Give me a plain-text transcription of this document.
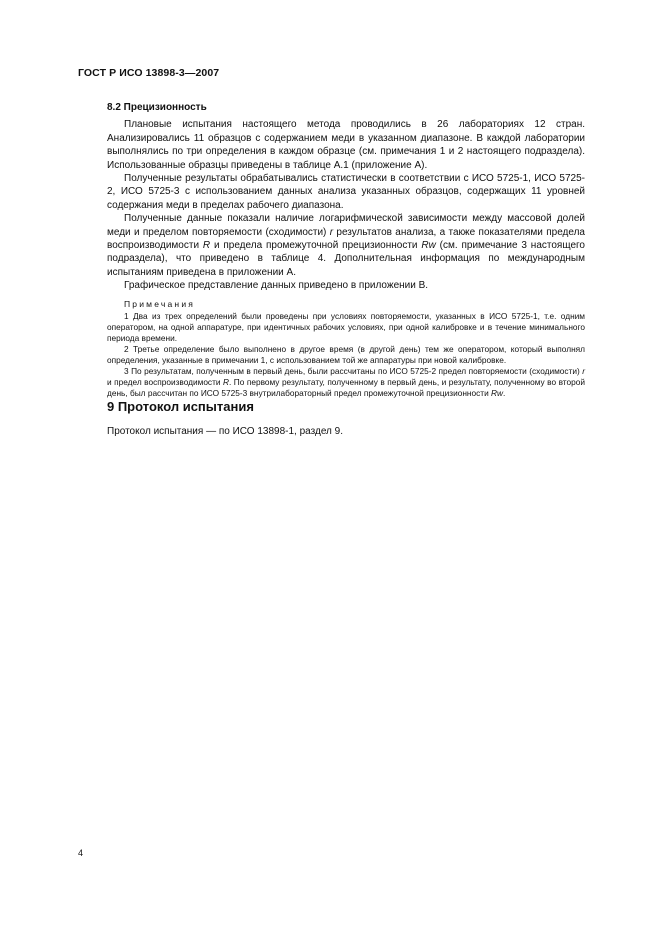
ГОСТ Р ИСО 13898-3—2007

8.2 Прецизионность

Плановые испытания настоящего метода проводились в 26 лабораториях 12 стран. Анализировались 11 образцов с содержанием меди в указанном диапазоне. В каждой лаборатории выполнялись по три определения в каждом образце (см. примечания 1 и 2 настоящего подраздела). Использованные образцы приведены в таблице А.1 (приложение А).

Полученные результаты обрабатывались статистически в соответствии с ИСО 5725-1, ИСО 5725-2, ИСО 5725-3 с использованием данных анализа указанных образцов, содержащих 11 уровней содержания меди в пределах рабочего диапазона.

Полученные данные показали наличие логарифмической зависимости между массовой долей меди и пределом повторяемости (сходимости) r результатов анализа, а также показателями предела воспроизводимости R и предела промежуточной прецизионности Rw (см. примечание 3 настоящего подраздела), что приведено в таблице 4. Дополнительная информация по международным испытаниям приведена в приложении А.

Графическое представление данных приведено в приложении В.

Примечания

1 Два из трех определений были проведены при условиях повторяемости, указанных в ИСО 5725-1, т.е. одним оператором, на одной аппаратуре, при идентичных рабочих условиях, при одной калибровке и в течение минимального периода времени.

2 Третье определение было выполнено в другое время (в другой день) тем же оператором, который выполнял определения, указанные в примечании 1, с использованием той же аппаратуры при новой калибровке.

3 По результатам, полученным в первый день, были рассчитаны по ИСО 5725-2 предел повторяемости (сходимости) r и предел воспроизводимости R. По первому результату, полученному в первый день, и результату, полученному во второй день, был рассчитан по ИСО 5725-3 внутрилабораторный предел промежуточной прецизионности Rw.

9 Протокол испытания
Протокол испытания — по ИСО 13898-1, раздел 9.
4
